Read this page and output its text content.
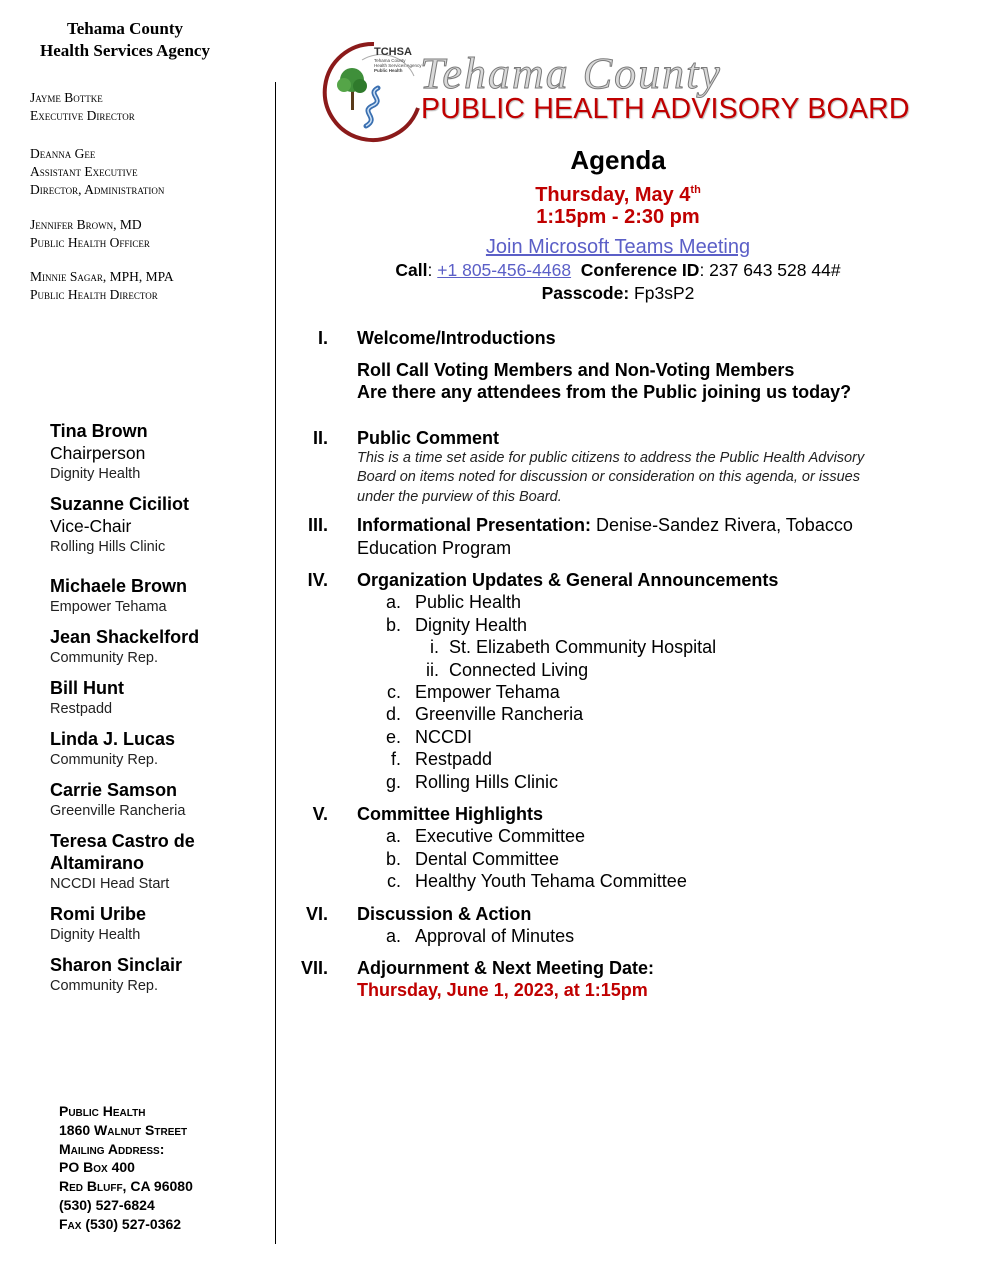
Tehama County
Health Services Agency
Jayme Bottke
Executive Director
Deanna Gee
Assistant Executive
Director, Administration
Jennifer Brown, MD
Public Health Officer
Minnie Sagar, MPH, MPA
Public Health Director
Tina Brown
Chairperson
Dignity Health
Suzanne Ciciliot
Vice-Chair
Rolling Hills Clinic
Michaele Brown
Empower Tehama
Jean Shackelford
Community Rep.
Bill Hunt
Restpadd
Linda J. Lucas
Community Rep.
Carrie Samson
Greenville Rancheria
Teresa Castro de
Altamirano
NCCDI Head Start
Romi Uribe
Dignity Health
Sharon Sinclair
Community Rep.
Public Health
1860 Walnut Street
Mailing Address:
PO Box 400
Red Bluff, CA 96080
(530) 527-6824
Fax (530) 527-0362
TCHSA
Tehama County
Health Services Agency
Public Health Tehama County
PUBLIC HEALTH ADVISORY BOARD
Agenda
Thursday, May 4th
1:15pm - 2:30 pm
Join Microsoft Teams Meeting
Call: +1 805-456-4468 Conference ID: 237 643 528 44#
Passcode: Fp3sP2
I. Welcome/Introductions
Roll Call Voting Members and Non-Voting Members
Are there any attendees from the Public joining us today?
II. Public Comment
This is a time set aside for public citizens to address the Public Health Advisory
Board on items noted for discussion or consideration on this agenda, or issues
under the purview of this Board.
III. Informational Presentation: Denise-Sandez Rivera, Tobacco
Education Program
IV. Organization Updates & General Announcements
a. Public Health
b. Dignity Health
i. St. Elizabeth Community Hospital
ii. Connected Living
c. Empower Tehama
d. Greenville Rancheria
e. NCCDI
f. Restpadd
g. Rolling Hills Clinic
V. Committee Highlights
a. Executive Committee
b. Dental Committee
c. Healthy Youth Tehama Committee
VI. Discussion & Action
a. Approval of Minutes
VII. Adjournment & Next Meeting Date:
Thursday, June 1, 2023, at 1:15pm
